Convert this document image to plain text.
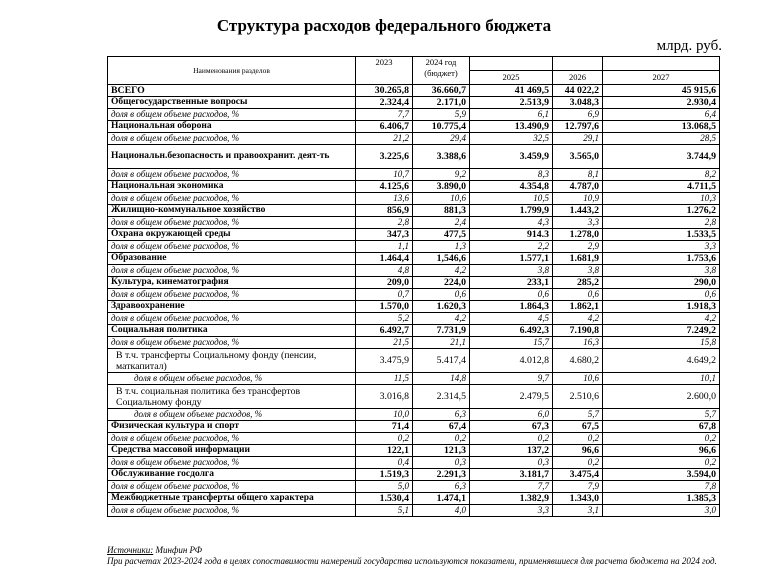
Структура расходов федерального бюджета
млрд. руб.
Наименования разделов	2023	2024 год (бюджет)			
			2025	2026	2027
ВСЕГО	30.265,8	36.660,7	41 469,5	44 022,2	45 915,6
Общегосударственные вопросы	2.324,4	2.171,0	2.513,9	3.048,3	2.930,4
доля в общем объеме расходов, %	7,7	5,9	6,1	6,9	6,4
Национальная оборона	6.406,7	10.775,4	13.490,9	12.797,6	13.068,5
доля в общем объеме расходов, %	21,2	29,4	32,5	29,1	28,5
Национальн.безопасность и правоохранит. деят-ть	3.225,6	3.388,6	3.459,9	3.565,0	3.744,9
доля в общем объеме расходов, %	10,7	9,2	8,3	8,1	8,2
Национальная экономика	4.125,6	3.890,0	4.354,8	4.787,0	4.711,5
доля в общем объеме расходов, %	13,6	10,6	10,5	10,9	10,3
Жилищно-коммунальное хозяйство	856,9	881,3	1.799,9	1.443,2	1.276,2
доля в общем объеме расходов, %	2,8	2,4	4,3	3,3	2,8
Охрана окружающей среды	347,3	477,5	914.3	1.278,0	1.533,5
доля в общем объеме расходов, %	1,1	1,3	2,2	2,9	3,3
Образование	1.464,4	1,546,6	1.577,1	1.681,9	1.753,6
доля в общем объеме расходов, %	4,8	4,2	3,8	3,8	3,8
Культура, кинематография	209,0	224,0	233,1	285,2	290,0
доля в общем объеме расходов, %	0,7	0,6	0,6	0,6	0,6
Здравоохранение	1.570,0	1.620,3	1.864,3	1.862,1	1.918,3
доля в общем объеме расходов, %	5,2	4,2	4,5	4,2	4,2
Социальная политика	6.492,7	7.731,9	6.492,3	7.190,8	7.249,2
доля в общем объеме расходов, %	21,5	21,1	15,7	16,3	15,8
В т.ч. трансферты Социальному фонду (пенсии, маткапитал)	3.475,9	5.417,4	4.012,8	4.680,2	4.649,2
доля в общем объеме расходов, %	11,5	14,8	9,7	10,6	10,1
В т.ч. социальная политика без трансфертов Социальному фонду	3.016,8	2.314,5	2.479,5	2.510,6	2.600,0
доля в общем объеме расходов, %	10,0	6,3	6,0	5,7	5,7
Физическая культура и спорт	71,4	67,4	67,3	67,5	67,8
доля в общем объеме расходов, %	0,2	0,2	0,2	0,2	0,2
Средства массовой информации	122,1	121,3	137,2	96,6	96,6
доля в общем объеме расходов, %	0,4	0,3	0,3	0,2	0,2
Обслуживание госдолга	1.519,3	2.291,3	3.181,7	3.475,4	3.594,0
доля в общем объеме расходов, %	5,0	6,3	7,7	7,9	7,8
Межбюджетные трансферты общего характера	1.530,4	1.474,1	1.382,9	1.343,0	1.385,3
доля в общем объеме расходов, %	5,1	4,0	3,3	3,1	3,0
Источники: Минфин РФ
При расчетах 2023-2024 года в целях сопоставимости намерений государства используются показатели, применявшиеся для расчета бюджета на 2024 год.
